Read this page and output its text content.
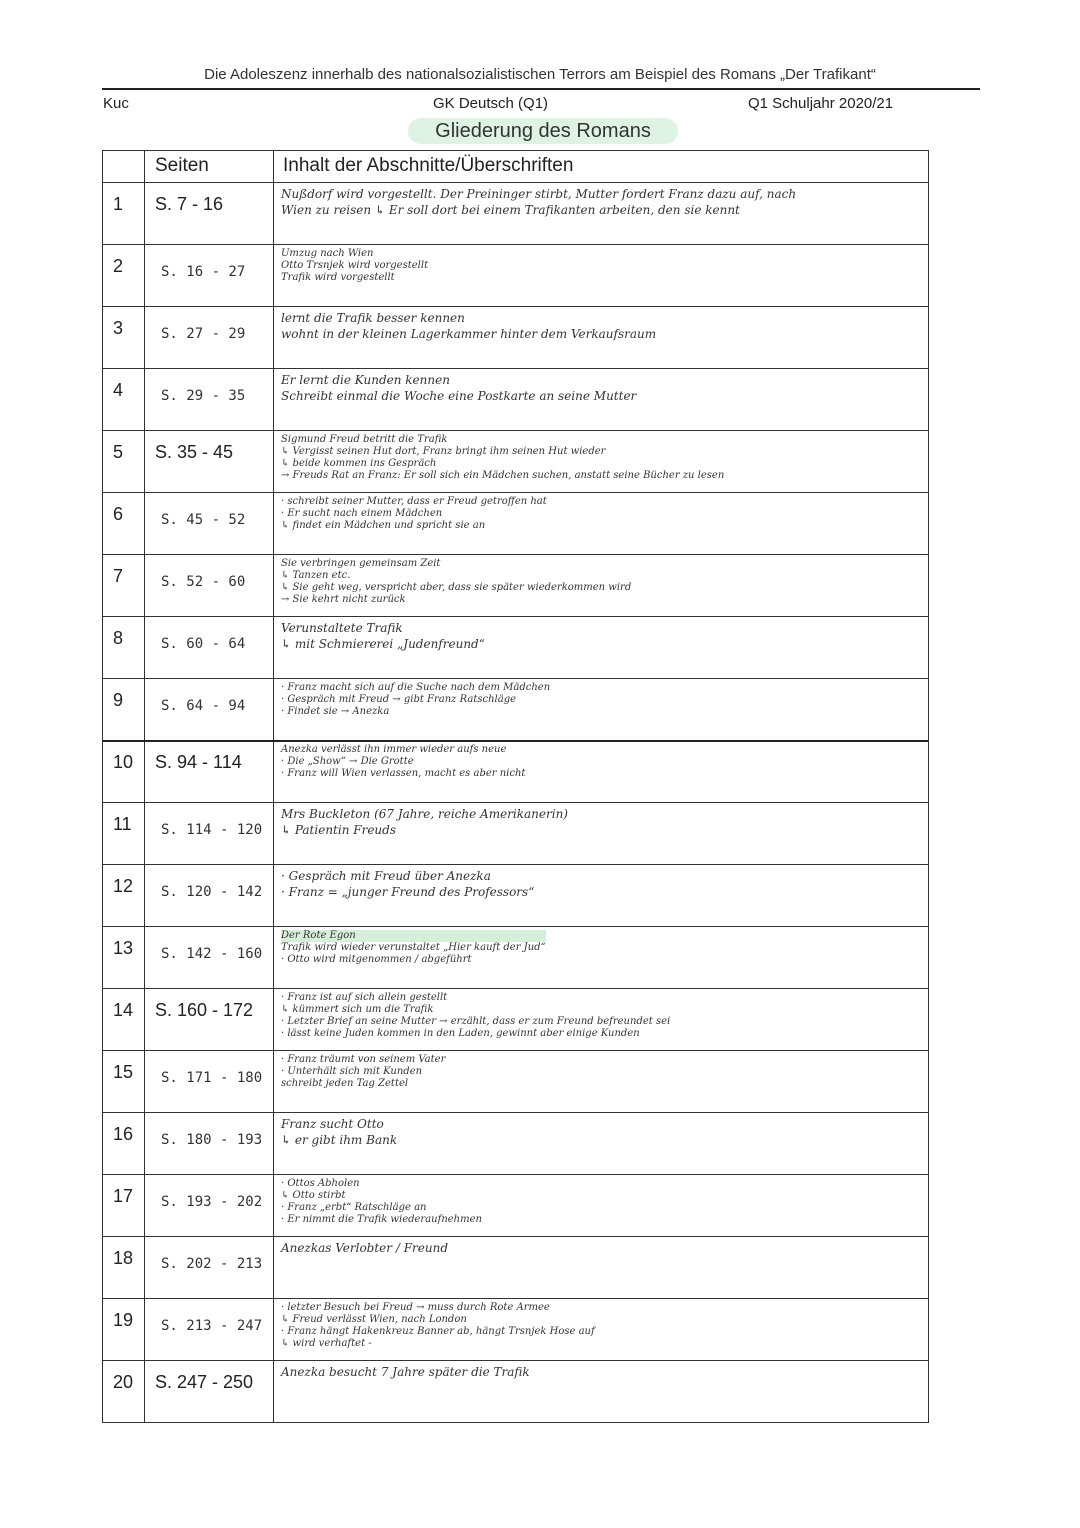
Die Adoleszenz innerhalb des nationalsozialistischen Terrors am Beispiel des Romans „Der Trafikant“
Kuc	GK Deutsch (Q1)	Q1 Schuljahr 2020/21
Gliederung des Romans
Seiten	Inhalt der Abschnitte/Überschriften
1 S. 7 - 16	Nußdorf wird vorgestellt. Der Preininger stirbt, Mutter fordert Franz dazu auf, nach
Wien zu reisen ↳ Er soll dort bei einem Trafikanten arbeiten, den sie kennt
2	S. 16 - 27
Umzug nach Wien
Otto Trsnjek wird vorgestellt
Trafik wird vorgestellt
3	S. 27 - 29
lernt die Trafik besser kennen
wohnt in der kleinen Lagerkammer hinter dem Verkaufsraum
4	S. 29 - 35
Er lernt die Kunden kennen
Schreibt einmal die Woche eine Postkarte an seine Mutter
5 S. 35 - 45
Sigmund Freud betritt die Trafik
↳ Vergisst seinen Hut dort, Franz bringt ihm seinen Hut wieder
↳ beide kommen ins Gespräch
→ Freuds Rat an Franz: Er soll sich ein Mädchen suchen, anstatt seine Bücher zu lesen
6	S. 45 - 52
· schreibt seiner Mutter, dass er Freud getroffen hat
· Er sucht nach einem Mädchen
↳ findet ein Mädchen und spricht sie an
7	S. 52 - 60
Sie verbringen gemeinsam Zeit
↳ Tanzen etc.
↳ Sie geht weg, verspricht aber, dass sie später wiederkommen wird
→ Sie kehrt nicht zurück
8	S. 60 - 64
Verunstaltete Trafik
↳ mit Schmiererei „Judenfreund“
9	S. 64 - 94
· Franz macht sich auf die Suche nach dem Mädchen
· Gespräch mit Freud → gibt Franz Ratschläge
· Findet sie → Anezka
10 S. 94 - 114
Anezka verlässt ihn immer wieder aufs neue
· Die „Show“ → Die Grotte
· Franz will Wien verlassen, macht es aber nicht
11 S. 114 - 120
Mrs Buckleton (67 Jahre, reiche Amerikanerin)
↳ Patientin Freuds
12 S. 120 - 142
· Gespräch mit Freud über Anezka
· Franz = „junger Freund des Professors“
13 S. 142 - 160
Der Rote Egon
Trafik wird wieder verunstaltet „Hier kauft der Jud“
· Otto wird mitgenommen / abgeführt
14 S. 160 - 172
· Franz ist auf sich allein gestellt
↳ kümmert sich um die Trafik
· Letzter Brief an seine Mutter → erzählt, dass er zum Freund befreundet sei
· lässt keine Juden kommen in den Laden, gewinnt aber einige Kunden
15 S. 171 - 180
· Franz träumt von seinem Vater
· Unterhält sich mit Kunden
schreibt jeden Tag Zettel
16 S. 180 - 193
Franz sucht Otto
↳ er gibt ihm Bank
17 S. 193 - 202
· Ottos Abholen
↳ Otto stirbt
· Franz „erbt“ Ratschläge an
· Er nimmt die Trafik wiederaufnehmen
18 S. 202 - 213
Anezkas Verlobter / Freund
19 S. 213 - 247
· letzter Besuch bei Freud → muss durch Rote Armee
↳ Freud verlässt Wien, nach London
· Franz hängt Hakenkreuz Banner ab, hängt Trsnjek Hose auf
↳ wird verhaftet -
20 S. 247 - 250 Anezka besucht 7 Jahre später die Trafik
